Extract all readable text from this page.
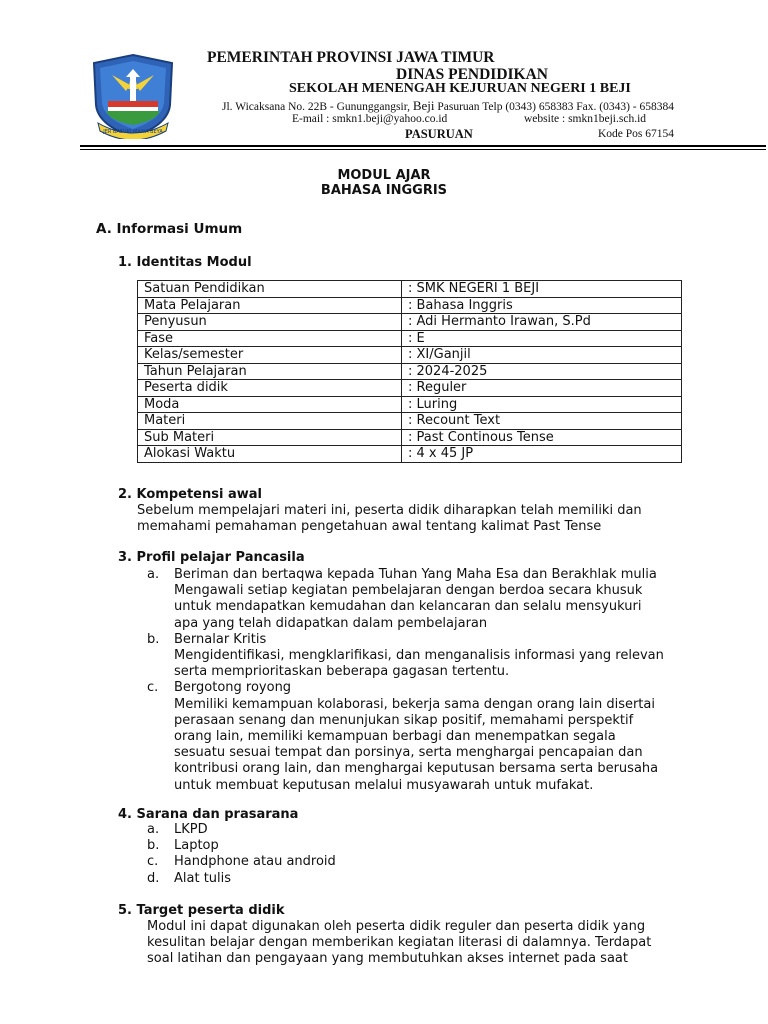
JER BASUKI MAWA BEYA
PEMERINTAH PROVINSI JAWA TIMUR
DINAS PENDIDIKAN
SEKOLAH MENENGAH KEJURUAN NEGERI 1 BEJI
Jl. Wicaksana No. 22B - Gununggangsir, Beji Pasuruan Telp (0343) 658383 Fax. (0343) - 658384
E-mail : smkn1.beji@yahoo.co.id	website : smkn1beji.sch.id
PASURUAN	Kode Pos 67154
MODUL AJAR
BAHASA INGGRIS
A. Informasi Umum
1. Identitas Modul
Satuan Pendidikan	: SMK NEGERI 1 BEJI
Mata Pelajaran	: Bahasa Inggris
Penyusun	: Adi Hermanto Irawan, S.Pd
Fase	: E
Kelas/semester	: XI/Ganjil
Tahun Pelajaran	: 2024-2025
Peserta didik	: Reguler
Moda	: Luring
Materi	: Recount Text
Sub Materi	: Past Continous Tense
Alokasi Waktu	: 4 x 45 JP
2. Kompetensi awal
Sebelum mempelajari materi ini, peserta didik diharapkan telah memiliki dan
memahami pemahaman pengetahuan awal tentang kalimat Past Tense
3. Profil pelajar Pancasila
a.	Beriman dan bertaqwa kepada Tuhan Yang Maha Esa dan Berakhlak mulia
Mengawali setiap kegiatan pembelajaran dengan berdoa secara khusuk
untuk mendapatkan kemudahan dan kelancaran dan selalu mensyukuri
apa yang telah didapatkan dalam pembelajaran
b.	Bernalar Kritis
Mengidentifikasi, mengklarifikasi, dan menganalisis informasi yang relevan
serta memprioritaskan beberapa gagasan tertentu.
c.	Bergotong royong
Memiliki kemampuan kolaborasi, bekerja sama dengan orang lain disertai
perasaan senang dan menunjukan sikap positif, memahami perspektif
orang lain, memiliki kemampuan berbagi dan menempatkan segala
sesuatu sesuai tempat dan porsinya, serta menghargai pencapaian dan
kontribusi orang lain, dan menghargai keputusan bersama serta berusaha
untuk membuat keputusan melalui musyawarah untuk mufakat.
4. Sarana dan prasarana
a.	LKPD
b.	Laptop
c.	Handphone atau android
d.	Alat tulis
5. Target peserta didik
Modul ini dapat digunakan oleh peserta didik reguler dan peserta didik yang
kesulitan belajar dengan memberikan kegiatan literasi di dalamnya. Terdapat
soal latihan dan pengayaan yang membutuhkan akses internet pada saat
